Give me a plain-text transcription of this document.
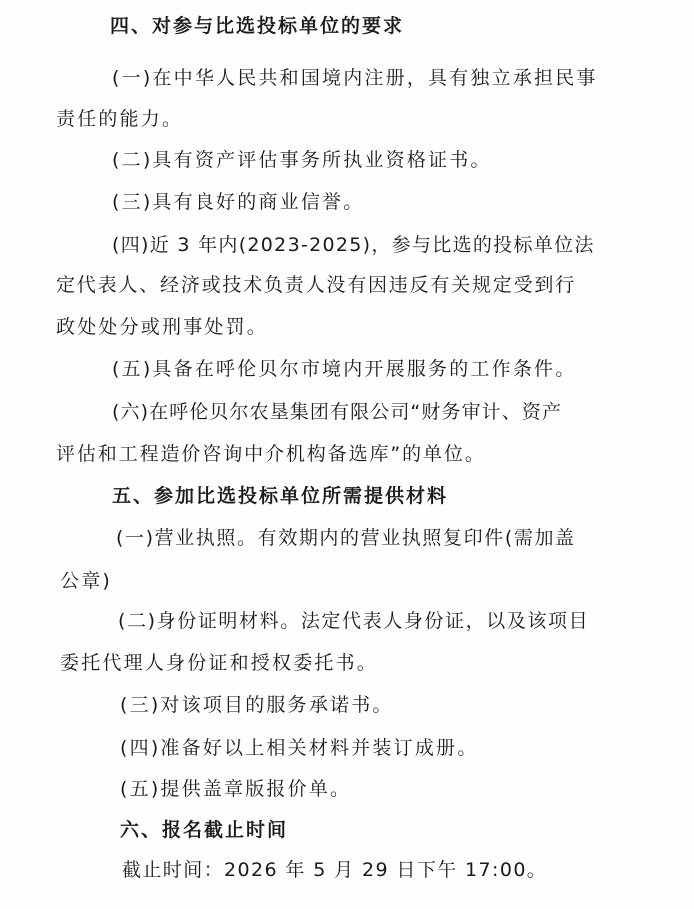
四、对参与比选投标单位的要求
(一)在中华人民共和国境内注册，具有独立承担民事
责任的能力。
(二)具有资产评估事务所执业资格证书。
(三)具有良好的商业信誉。
(四)近 3 年内(2023-2025)，参与比选的投标单位法
定代表人、经济或技术负责人没有因违反有关规定受到行
政处处分或刑事处罚。
(五)具备在呼伦贝尔市境内开展服务的工作条件。
(六)在呼伦贝尔农垦集团有限公司“财务审计、资产
评估和工程造价咨询中介机构备选库”的单位。
五、参加比选投标单位所需提供材料
(一)营业执照。有效期内的营业执照复印件(需加盖
公章)
(二)身份证明材料。法定代表人身份证，以及该项目
委托代理人身份证和授权委托书。
(三)对该项目的服务承诺书。
(四)准备好以上相关材料并装订成册。
(五)提供盖章版报价单。
六、报名截止时间
截止时间：2026 年 5 月 29 日下午 17:00。
